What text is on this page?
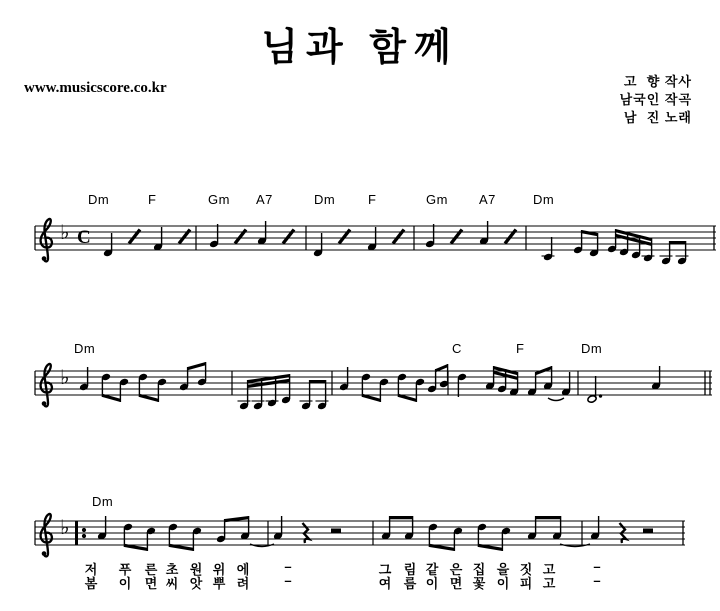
님과 함께
www.musicscore.co.kr	고  향 작사
남국인 작곡
남  진 노래
♭ C
♭
♭
Dm	F	Gm A7	Dm	F	Gm A7	Dm
Dm	C	F	Dm
Dm
저 푸 른 초 원 위 에	–	그 림 같 은 집 을 짓 고	–
봄 이 면 씨 앗 뿌 려	–	여 름 이 면 꽃 이 피 고	–
